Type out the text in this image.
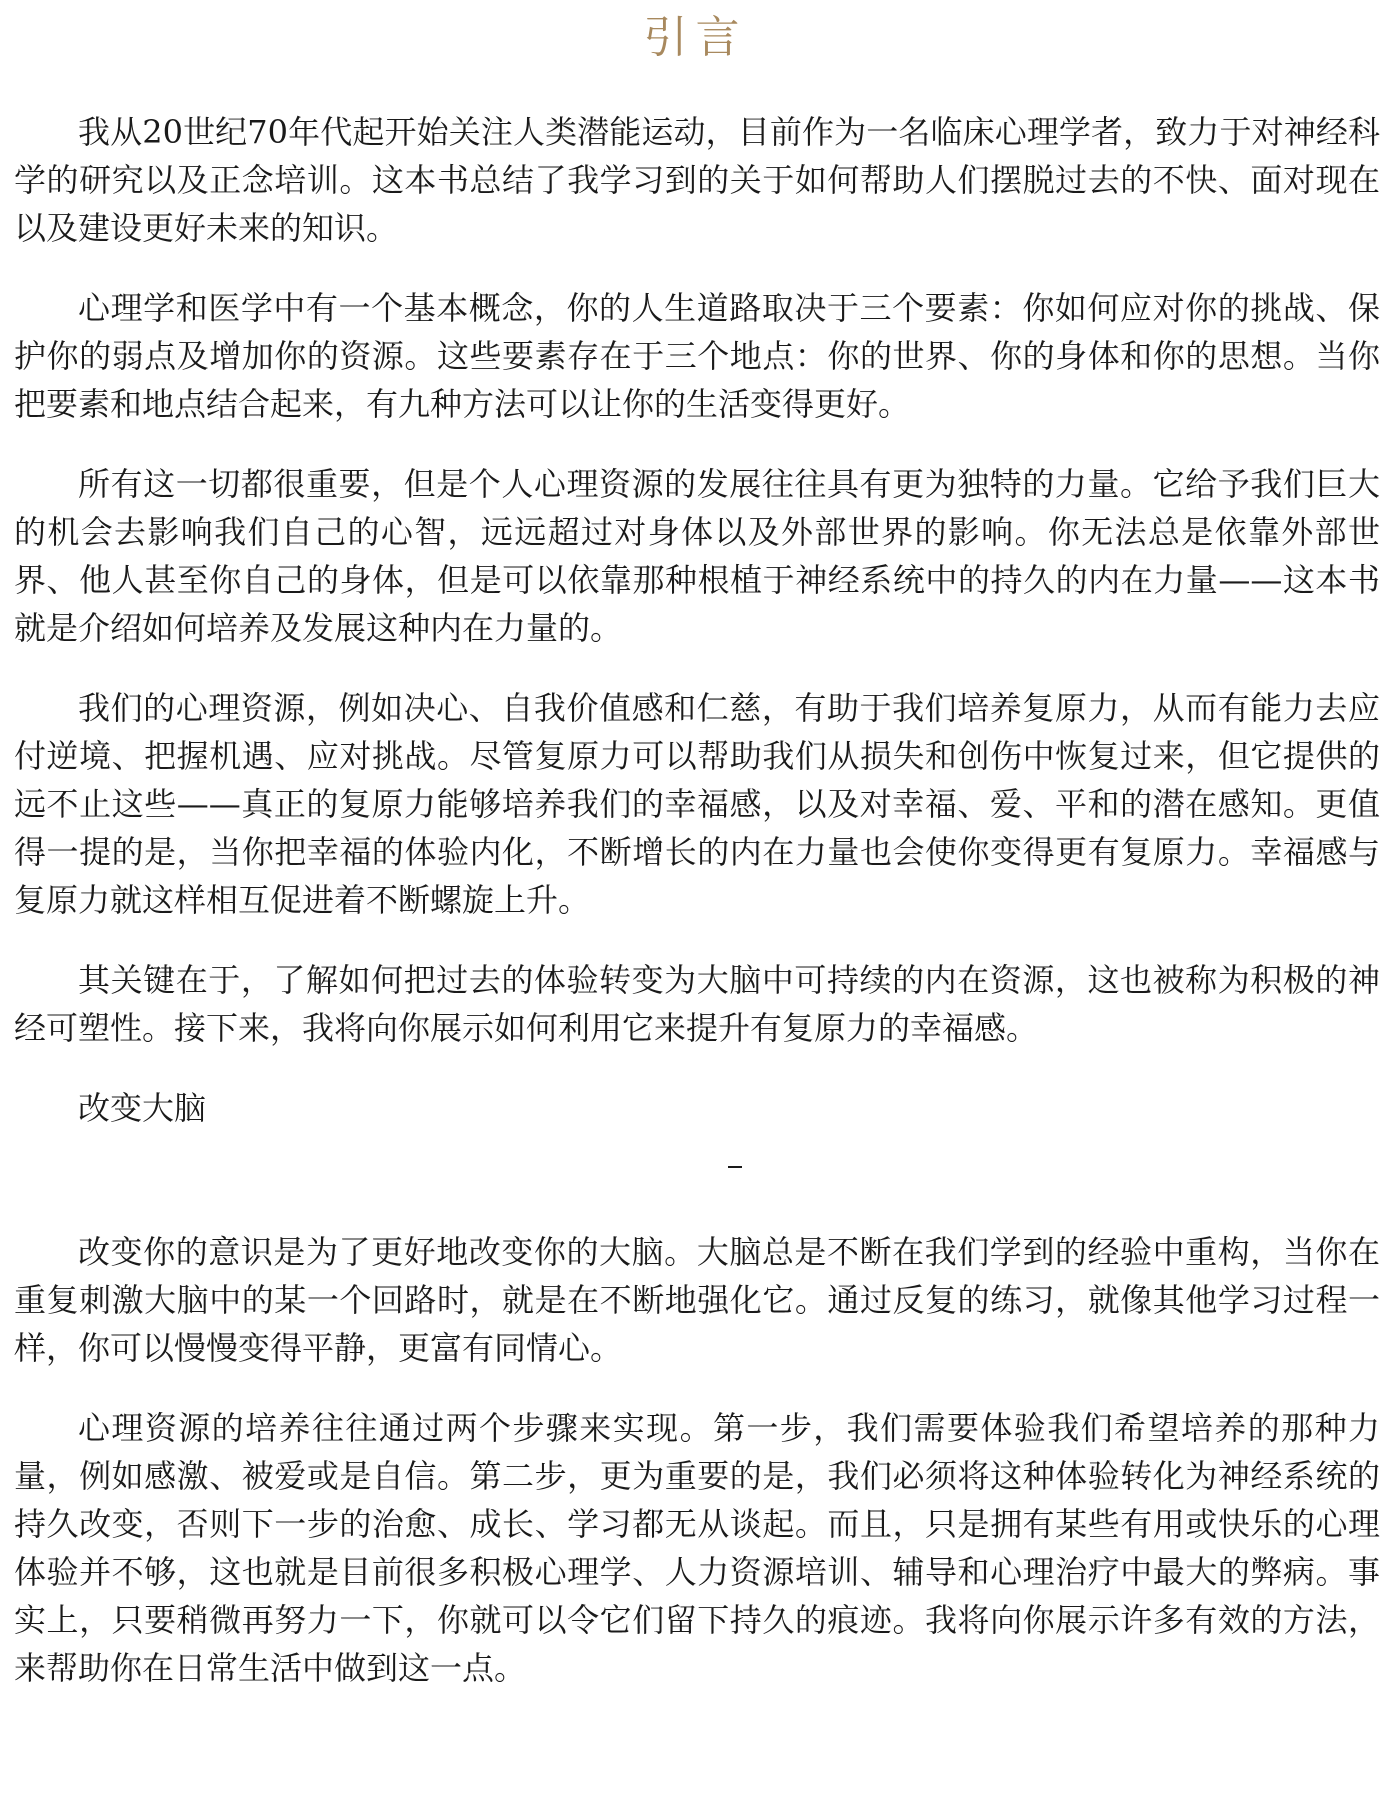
引言

我从20世纪70年代起开始关注人类潜能运动，目前作为一名临床心理学者，致力于对神经科学的研究以及正念培训。这本书总结了我学习到的关于如何帮助人们摆脱过去的不快、面对现在以及建设更好未来的知识。

心理学和医学中有一个基本概念，你的人生道路取决于三个要素：你如何应对你的挑战、保护你的弱点及增加你的资源。这些要素存在于三个地点：你的世界、你的身体和你的思想。当你把要素和地点结合起来，有九种方法可以让你的生活变得更好。

所有这一切都很重要，但是个人心理资源的发展往往具有更为独特的力量。它给予我们巨大的机会去影响我们自己的心智，远远超过对身体以及外部世界的影响。你无法总是依靠外部世界、他人甚至你自己的身体，但是可以依靠那种根植于神经系统中的持久的内在力量——这本书就是介绍如何培养及发展这种内在力量的。

我们的心理资源，例如决心、自我价值感和仁慈，有助于我们培养复原力，从而有能力去应付逆境、把握机遇、应对挑战。尽管复原力可以帮助我们从损失和创伤中恢复过来，但它提供的远不止这些——真正的复原力能够培养我们的幸福感，以及对幸福、爱、平和的潜在感知。更值得一提的是，当你把幸福的体验内化，不断增长的内在力量也会使你变得更有复原力。幸福感与复原力就这样相互促进着不断螺旋上升。

其关键在于，了解如何把过去的体验转变为大脑中可持续的内在资源，这也被称为积极的神经可塑性。接下来，我将向你展示如何利用它来提升有复原力的幸福感。

改变大脑

改变你的意识是为了更好地改变你的大脑。大脑总是不断在我们学到的经验中重构，当你在重复刺激大脑中的某一个回路时，就是在不断地强化它。通过反复的练习，就像其他学习过程一样，你可以慢慢变得平静，更富有同情心。

心理资源的培养往往通过两个步骤来实现。第一步，我们需要体验我们希望培养的那种力量，例如感激、被爱或是自信。第二步，更为重要的是，我们必须将这种体验转化为神经系统的持久改变，否则下一步的治愈、成长、学习都无从谈起。而且，只是拥有某些有用或快乐的心理体验并不够，这也就是目前很多积极心理学、人力资源培训、辅导和心理治疗中最大的弊病。事实上，只要稍微再努力一下，你就可以令它们留下持久的痕迹。我将向你展示许多有效的方法，来帮助你在日常生活中做到这一点。
